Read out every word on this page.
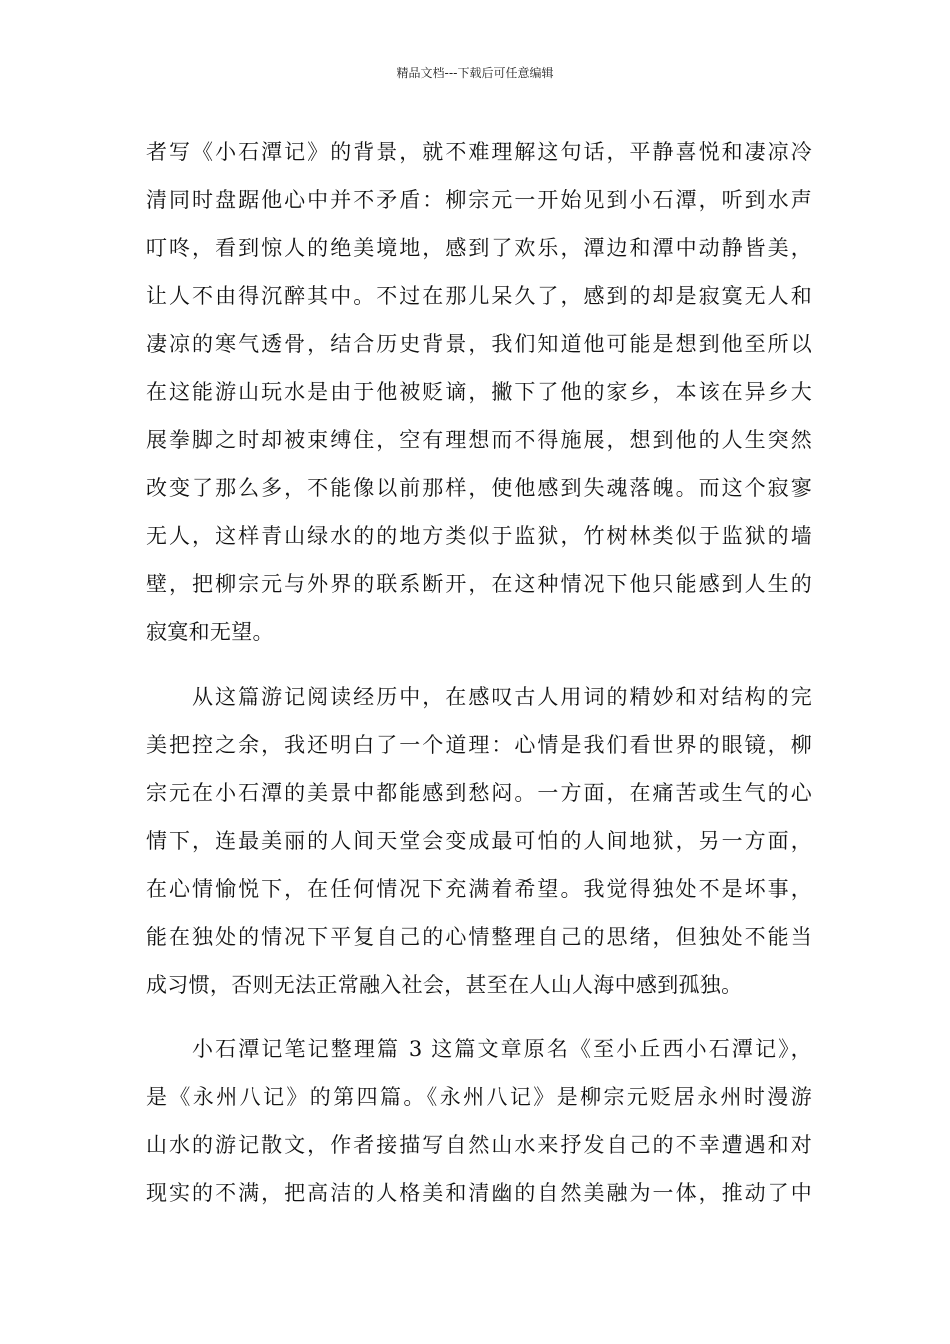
精品文档---下载后可任意编辑
者写《小石潭记》的背景，就不难理解这句话，平静喜悦和凄凉冷
清同时盘踞他心中并不矛盾：柳宗元一开始见到小石潭，听到水声
叮咚，看到惊人的绝美境地，感到了欢乐，潭边和潭中动静皆美，
让人不由得沉醉其中。不过在那儿呆久了，感到的却是寂寞无人和
凄凉的寒气透骨，结合历史背景，我们知道他可能是想到他至所以
在这能游山玩水是由于他被贬谪，撇下了他的家乡，本该在异乡大
展拳脚之时却被束缚住，空有理想而不得施展，想到他的人生突然
改变了那么多，不能像以前那样，使他感到失魂落魄。而这个寂寥
无人，这样青山绿水的的地方类似于监狱，竹树林类似于监狱的墙
壁，把柳宗元与外界的联系断开，在这种情况下他只能感到人生的
寂寞和无望。
从这篇游记阅读经历中，在感叹古人用词的精妙和对结构的完
美把控之余，我还明白了一个道理：心情是我们看世界的眼镜，柳
宗元在小石潭的美景中都能感到愁闷。一方面，在痛苦或生气的心
情下，连最美丽的人间天堂会变成最可怕的人间地狱，另一方面，
在心情愉悦下，在任何情况下充满着希望。我觉得独处不是坏事，
能在独处的情况下平复自己的心情整理自己的思绪，但独处不能当
成习惯，否则无法正常融入社会，甚至在人山人海中感到孤独。
小石潭记笔记整理篇 3 这篇文章原名《至小丘西小石潭记》，
是《永州八记》的第四篇。《永州八记》是柳宗元贬居永州时漫游
山水的游记散文，作者接描写自然山水来抒发自己的不幸遭遇和对
现实的不满，把高洁的人格美和清幽的自然美融为一体，推动了中
